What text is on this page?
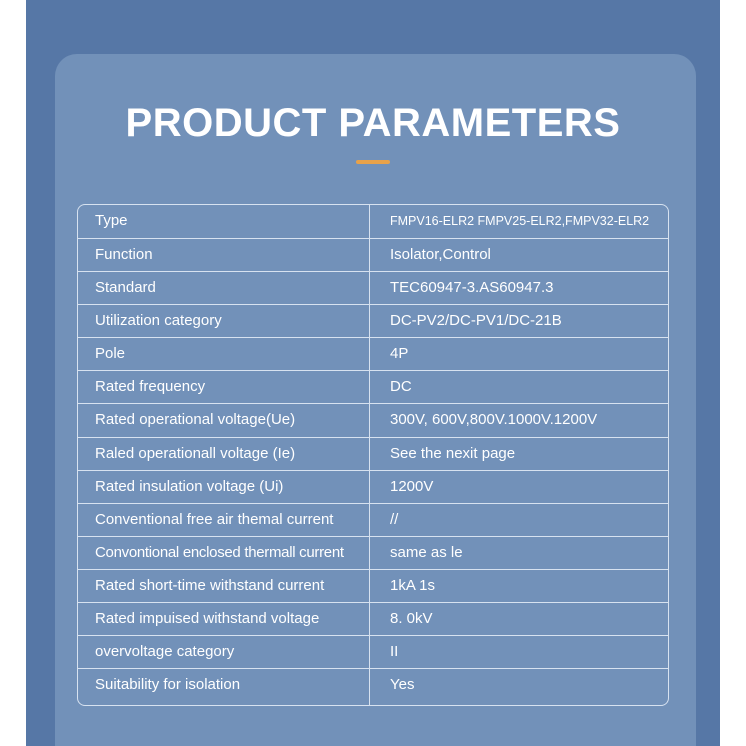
PRODUCT PARAMETERS
Type	FMPV16-ELR2 FMPV25-ELR2,FMPV32-ELR2
Function	Isolator,Control
Standard	TEC60947-3.AS60947.3
Utilization category	DC-PV2/DC-PV1/DC-21B
Pole	4P
Rated frequency	DC
Rated operational voltage(Ue)	300V, 600V,800V.1000V.1200V
Raled operationall voltage (Ie)	See the nexit page
Rated insulation voltage (Ui)	1200V
Conventional free air themal current	//
Convontional enclosed thermall current	same as le
Rated short-time withstand current	1kA 1s
Rated impuised withstand voltage	8. 0kV
overvoltage category	II
Suitability for isolation	Yes
